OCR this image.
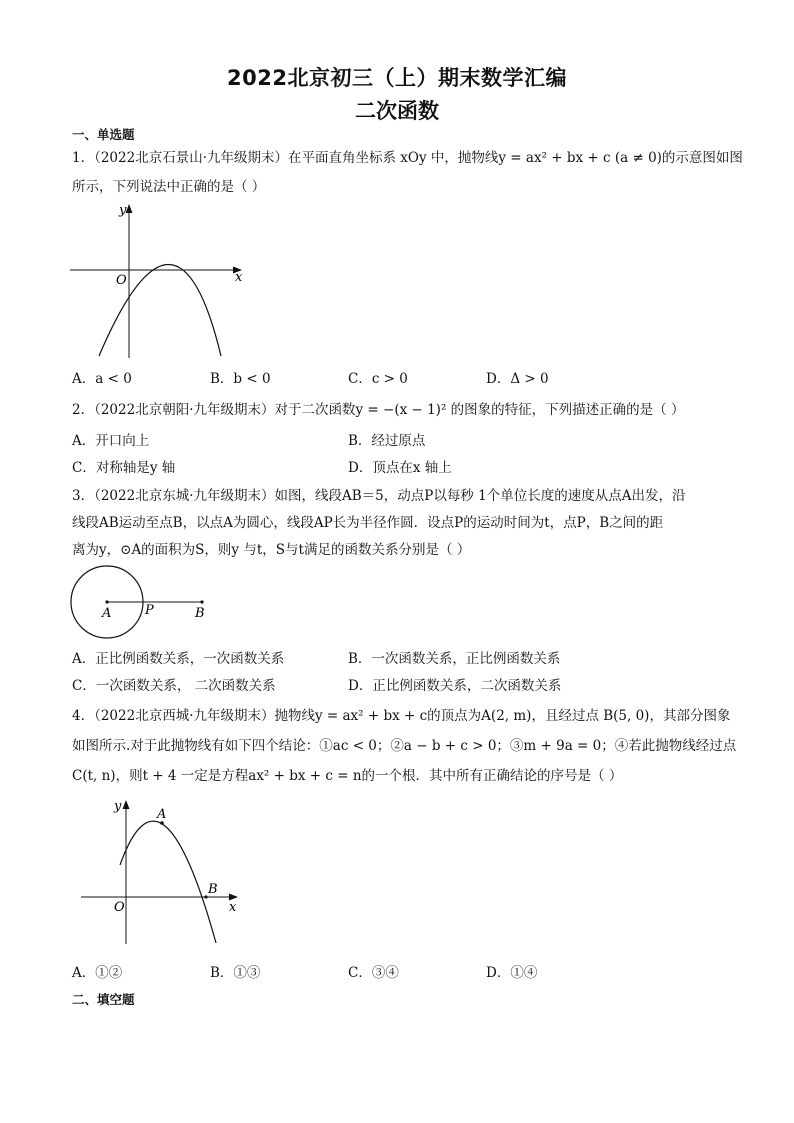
2022北京初三（上）期末数学汇编
二次函数
一、单选题
1．（2022北京石景山·九年级期末）在平面直角坐标系 xOy 中，抛物线y = ax² + bx + c (a ≠ 0)的示意图如图
所示，下列说法中正确的是（ ）
y
x
O
A．a < 0	B．b < 0	C．c > 0	D．Δ > 0
2．（2022北京朝阳·九年级期末）对于二次函数y = −(x − 1)² 的图象的特征，下列描述正确的是（ ）
A．开口向上	B．经过原点
C．对称轴是y 轴	D．顶点在x 轴上
3．（2022北京东城·九年级期末）如图，线段AB＝5，动点P以每秒 1个单位长度的速度从点A出发，沿
线段AB运动至点B，以点A为圆心，线段AP长为半径作圆．设点P的运动时间为t，点P，B之间的距
离为y，⊙A的面积为S，则y 与t，S与t满足的函数关系分别是（ ）
A	P	B
A．正比例函数关系，一次函数关系	B．一次函数关系，正比例函数关系
C．一次函数关系， 二次函数关系	D．正比例函数关系，二次函数关系
4．（2022北京西城·九年级期末）抛物线y = ax² + bx + c的顶点为A(2, m)，且经过点 B(5, 0)，其部分图象
如图所示.对于此抛物线有如下四个结论：①ac < 0；②a − b + c > 0；③m + 9a = 0；④若此抛物线经过点
C(t, n)，则t + 4 一定是方程ax² + bx + c = n的一个根．其中所有正确结论的序号是（ ）
y
x
O
A
B
A．①②	B．①③	C．③④	D．①④
二、填空题
